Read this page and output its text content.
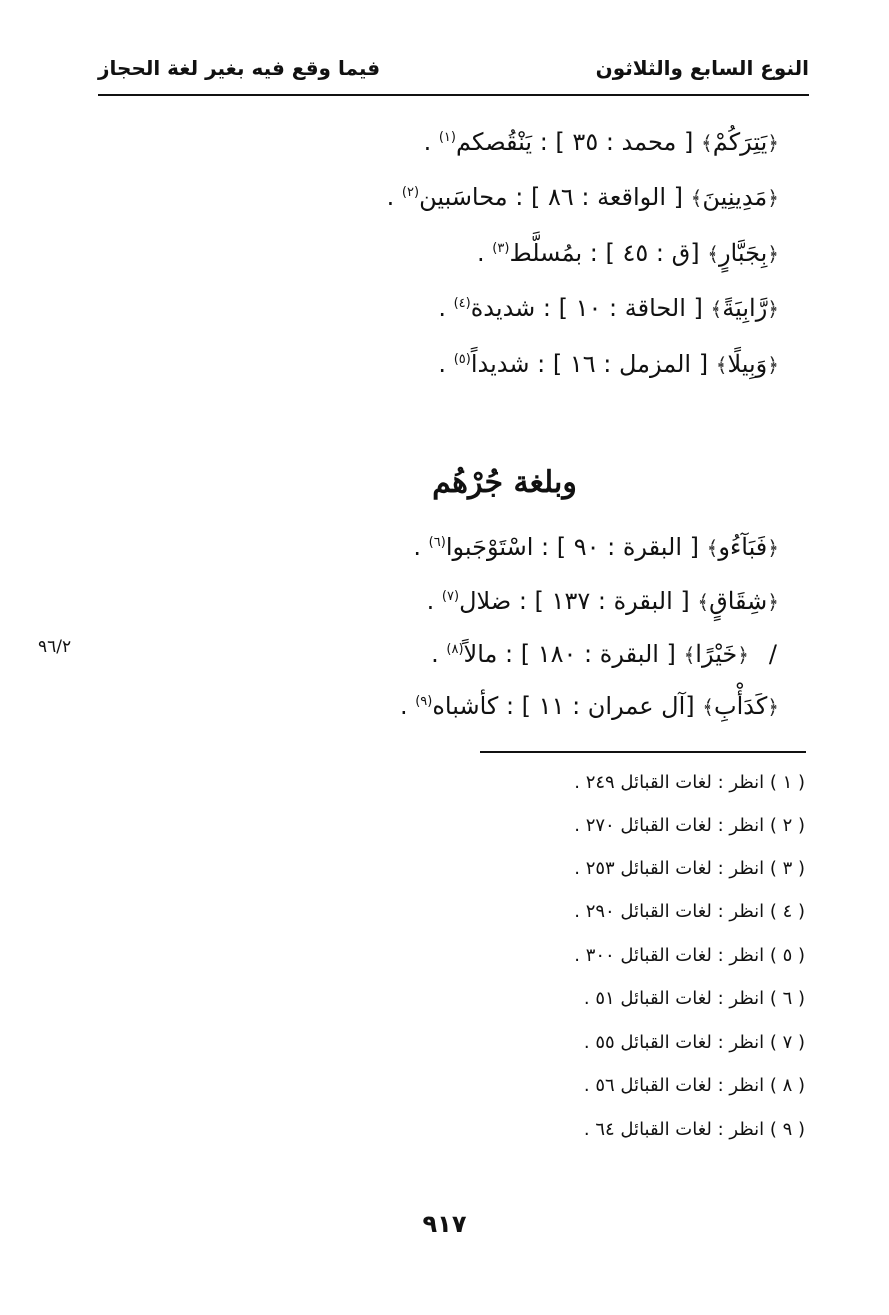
النوع السابع والثلاثون
فيما وقع فيه بغير لغة الحجاز
﴿يَتِرَكُمْ﴾ [ محمد : ٣٥ ] : يَنْقُصكم$^{(١)}$ .
﴿مَدِينِينَ﴾ [ الواقعة : ٨٦ ] : محاسَبين$^{(٢)}$ .
﴿بِجَبَّارٍ﴾ [ق : ٤٥ ] : بمُسلَّط$^{(٣)}$ .
﴿رَّابِيَةً﴾ [ الحاقة : ١٠ ] : شديدة$^{(٤)}$ .
﴿وَبِيلًا﴾ [ المزمل : ١٦ ] : شديداً$^{(٥)}$ .
وبلغة جُرْهُم
﴿فَبَآءُو﴾ [ البقرة : ٩٠ ] : اسْتَوْجَبوا$^{(٦)}$ .
﴿شِقَاقٍ﴾ [ البقرة : ١٣٧ ] : ضلال$^{(٧)}$ .
﴿خَيْرًا﴾ [ البقرة : ١٨٠ ] : مالاً$^{(٨)}$ .	/
٩٦/٢
﴿كَدَأْبِ﴾ [آل عمران : ١١ ] : كأشباه$^{(٩)}$ .
( ١ ) انظر : لغات القبائل ٢٤٩ .
( ٢ ) انظر : لغات القبائل ٢٧٠ .
( ٣ ) انظر : لغات القبائل ٢٥٣ .
( ٤ ) انظر : لغات القبائل ٢٩٠ .
( ٥ ) انظر : لغات القبائل ٣٠٠ .
( ٦ ) انظر : لغات القبائل ٥١ .
( ٧ ) انظر : لغات القبائل ٥٥ .
( ٨ ) انظر : لغات القبائل ٥٦ .
( ٩ ) انظر : لغات القبائل ٦٤ .
٩١٧
